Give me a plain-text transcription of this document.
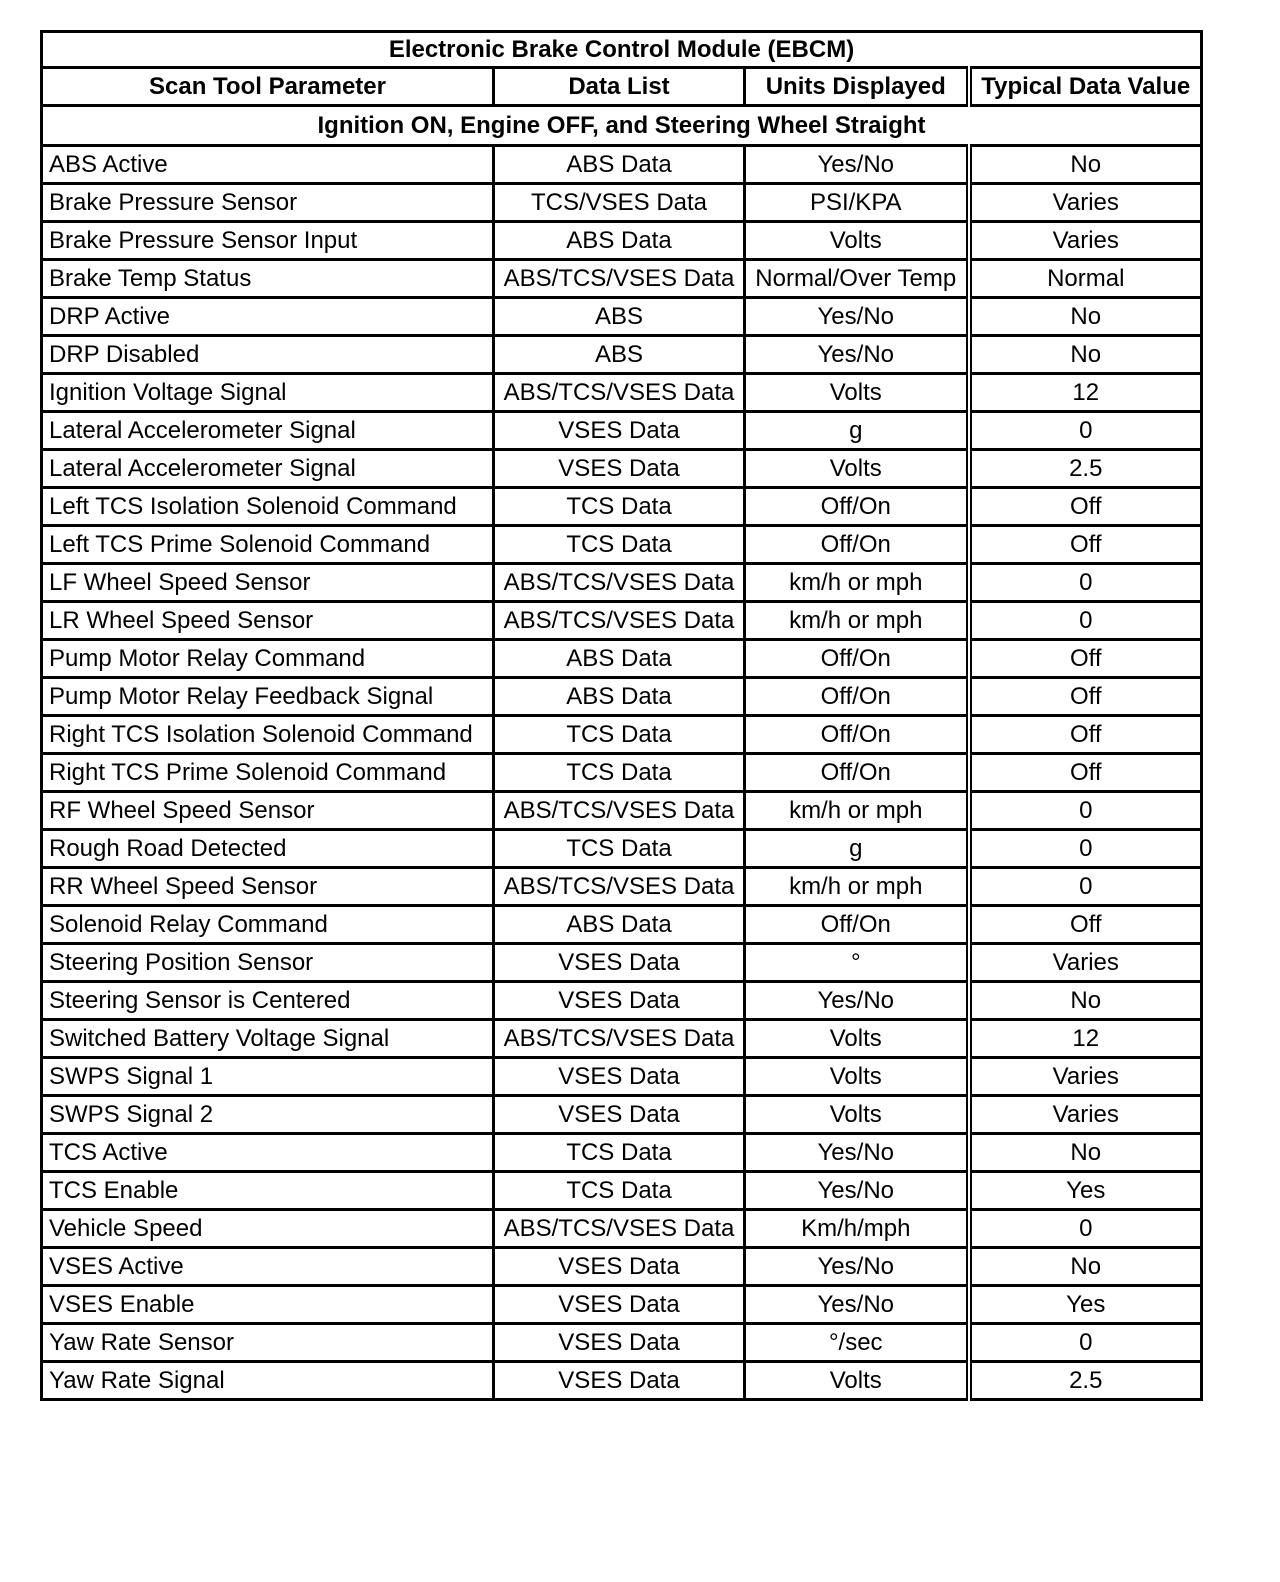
Electronic Brake Control Module (EBCM)			
Scan Tool Parameter	Data List	Units Displayed	Typical Data Value
Ignition ON, Engine OFF, and Steering Wheel Straight			
ABS Active	ABS Data	Yes/No	No
Brake Pressure Sensor	TCS/VSES Data	PSI/KPA	Varies
Brake Pressure Sensor Input	ABS Data	Volts	Varies
Brake Temp Status	ABS/TCS/VSES Data	Normal/Over Temp	Normal
DRP Active	ABS	Yes/No	No
DRP Disabled	ABS	Yes/No	No
Ignition Voltage Signal	ABS/TCS/VSES Data	Volts	12
Lateral Accelerometer Signal	VSES Data	g	0
Lateral Accelerometer Signal	VSES Data	Volts	2.5
Left TCS Isolation Solenoid Command	TCS Data	Off/On	Off
Left TCS Prime Solenoid Command	TCS Data	Off/On	Off
LF Wheel Speed Sensor	ABS/TCS/VSES Data	km/h or mph	0
LR Wheel Speed Sensor	ABS/TCS/VSES Data	km/h or mph	0
Pump Motor Relay Command	ABS Data	Off/On	Off
Pump Motor Relay Feedback Signal	ABS Data	Off/On	Off
Right TCS Isolation Solenoid Command	TCS Data	Off/On	Off
Right TCS Prime Solenoid Command	TCS Data	Off/On	Off
RF Wheel Speed Sensor	ABS/TCS/VSES Data	km/h or mph	0
Rough Road Detected	TCS Data	g	0
RR Wheel Speed Sensor	ABS/TCS/VSES Data	km/h or mph	0
Solenoid Relay Command	ABS Data	Off/On	Off
Steering Position Sensor	VSES Data	°	Varies
Steering Sensor is Centered	VSES Data	Yes/No	No
Switched Battery Voltage Signal	ABS/TCS/VSES Data	Volts	12
SWPS Signal 1	VSES Data	Volts	Varies
SWPS Signal 2	VSES Data	Volts	Varies
TCS Active	TCS Data	Yes/No	No
TCS Enable	TCS Data	Yes/No	Yes
Vehicle Speed	ABS/TCS/VSES Data	Km/h/mph	0
VSES Active	VSES Data	Yes/No	No
VSES Enable	VSES Data	Yes/No	Yes
Yaw Rate Sensor	VSES Data	°/sec	0
Yaw Rate Signal	VSES Data	Volts	2.5
